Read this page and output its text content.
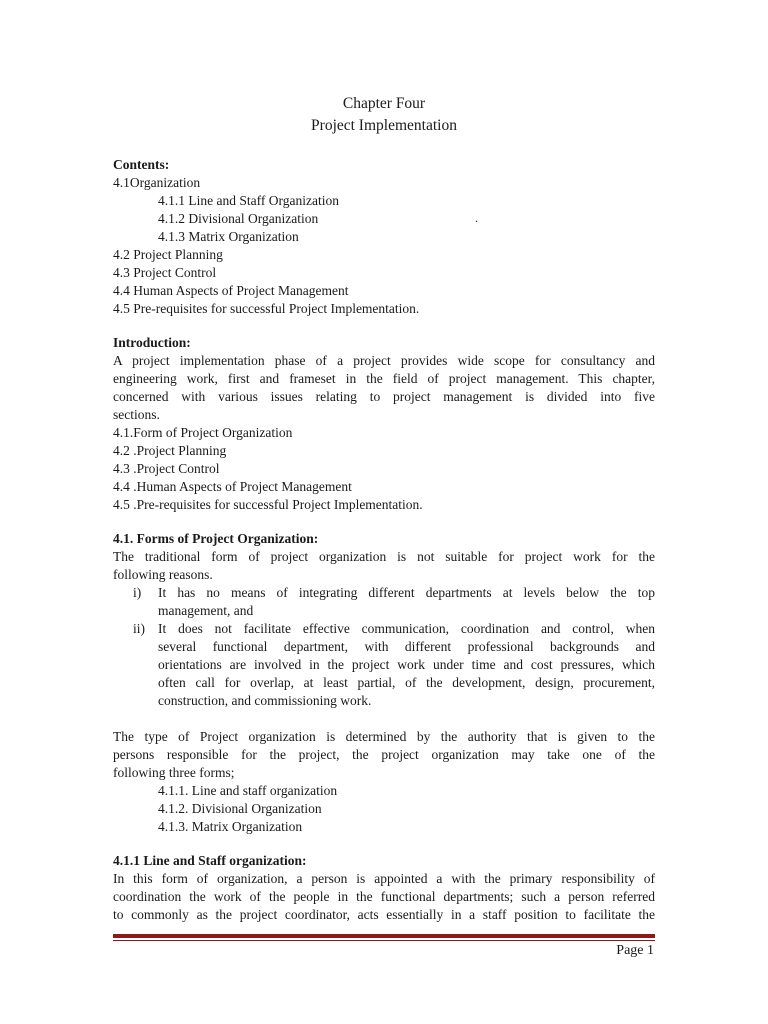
Chapter Four
Project Implementation
Contents:
4.1Organization
4.1.1 Line and Staff Organization
4.1.2 Divisional Organization	.
4.1.3 Matrix Organization
4.2 Project Planning
4.3 Project Control
4.4 Human Aspects of Project Management
4.5 Pre-requisites for successful Project Implementation.
Introduction:
A project implementation phase of a project provides wide scope for consultancy and
engineering work, first and frameset in the field of project management. This chapter,
concerned with various issues relating to project management is divided into five
sections.
4.1.Form of Project Organization
4.2 .Project Planning
4.3 .Project Control
4.4 .Human Aspects of Project Management
4.5 .Pre-requisites for successful Project Implementation.
4.1. Forms of Project Organization:
The traditional form of project organization is not suitable for project work for the
following reasons.
i) It has no means of integrating different departments at levels below the top
management, and
ii) It does not facilitate effective communication, coordination and control, when
several functional department, with different professional backgrounds and
orientations are involved in the project work under time and cost pressures, which
often call for overlap, at least partial, of the development, design, procurement,
construction, and commissioning work.
The type of Project organization is determined by the authority that is given to the
persons responsible for the project, the project organization may take one of the
following three forms;
4.1.1. Line and staff organization
4.1.2. Divisional Organization
4.1.3. Matrix Organization
4.1.1 Line and Staff organization:
In this form of organization, a person is appointed a with the primary responsibility of
coordination the work of the people in the functional departments; such a person referred
to commonly as the project coordinator, acts essentially in a staff position to facilitate the
Page 1
